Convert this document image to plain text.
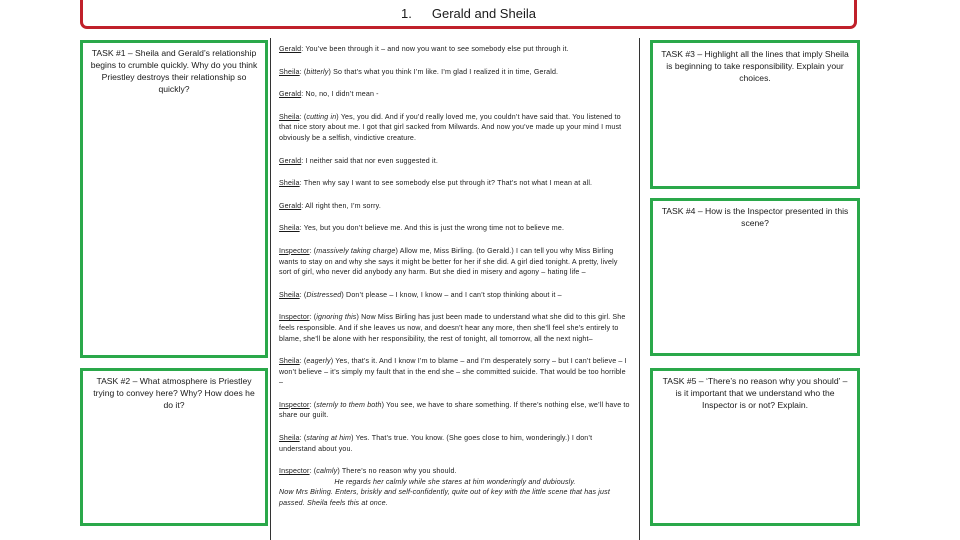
1. Gerald and Sheila
TASK #1 – Sheila and Gerald’s relationship begins to crumble quickly. Why do you think Priestley destroys their relationship so quickly?
TASK #2 – What atmosphere is Priestley trying to convey here? Why? How does he do it?
TASK #3 – Highlight all the lines that imply Sheila is beginning to take responsibility. Explain your choices.
TASK #4 – How is the Inspector presented in this scene?
TASK #5 – ‘There’s no reason why you should’ – is it important that we understand who the Inspector is or not? Explain.

Gerald: You’ve been through it – and now you want to see somebody else put through it.

Sheila: (bitterly) So that’s what you think I’m like. I’m glad I realized it in time, Gerald.

Gerald: No, no, I didn’t mean -

Sheila: (cutting in) Yes, you did. And if you’d really loved me, you couldn’t have said that. You listened to that nice story about me. I got that girl sacked from Milwards. And now you’ve made up your mind I must obviously be a selfish, vindictive creature.

Gerald: I neither said that nor even suggested it.

Sheila: Then why say I want to see somebody else put through it? That’s not what I mean at all.

Gerald: All right then, I’m sorry.

Sheila: Yes, but you don’t believe me. And this is just the wrong time not to believe me.

Inspector: (massively taking charge) Allow me, Miss Birling. (to Gerald.) I can tell you why Miss Birling wants to stay on and why she says it might be better for her if she did. A girl died tonight. A pretty, lively sort of girl, who never did anybody any harm. But she died in misery and agony – hating life –

Sheila: (Distressed) Don’t please – I know, I know – and I can’t stop thinking about it –

Inspector: (ignoring this) Now Miss Birling has just been made to understand what she did to this girl. She feels responsible. And if she leaves us now, and doesn’t hear any more, then she’ll feel she’s entirely to blame, she’ll be alone with her responsibility, the rest of tonight, all tomorrow, all the next night–

Sheila: (eagerly) Yes, that’s it. And I know I’m to blame – and I’m desperately sorry – but I can’t believe – I won’t believe – it’s simply my fault that in the end she – she committed suicide. That would be too horrible –

Inspector: (sternly to them both) You see, we have to share something. If there’s nothing else, we’ll have to share our guilt.

Sheila: (staring at him) Yes. That’s true. You know. (She goes close to him, wonderingly.) I don’t understand about you.

Inspector: (calmly) There’s no reason why you should.

He regards her calmly while she stares at him wonderingly and dubiously.

Now Mrs Birling. Enters, briskly and self-confidently, quite out of key with the little scene that has just passed. Sheila feels this at once.
